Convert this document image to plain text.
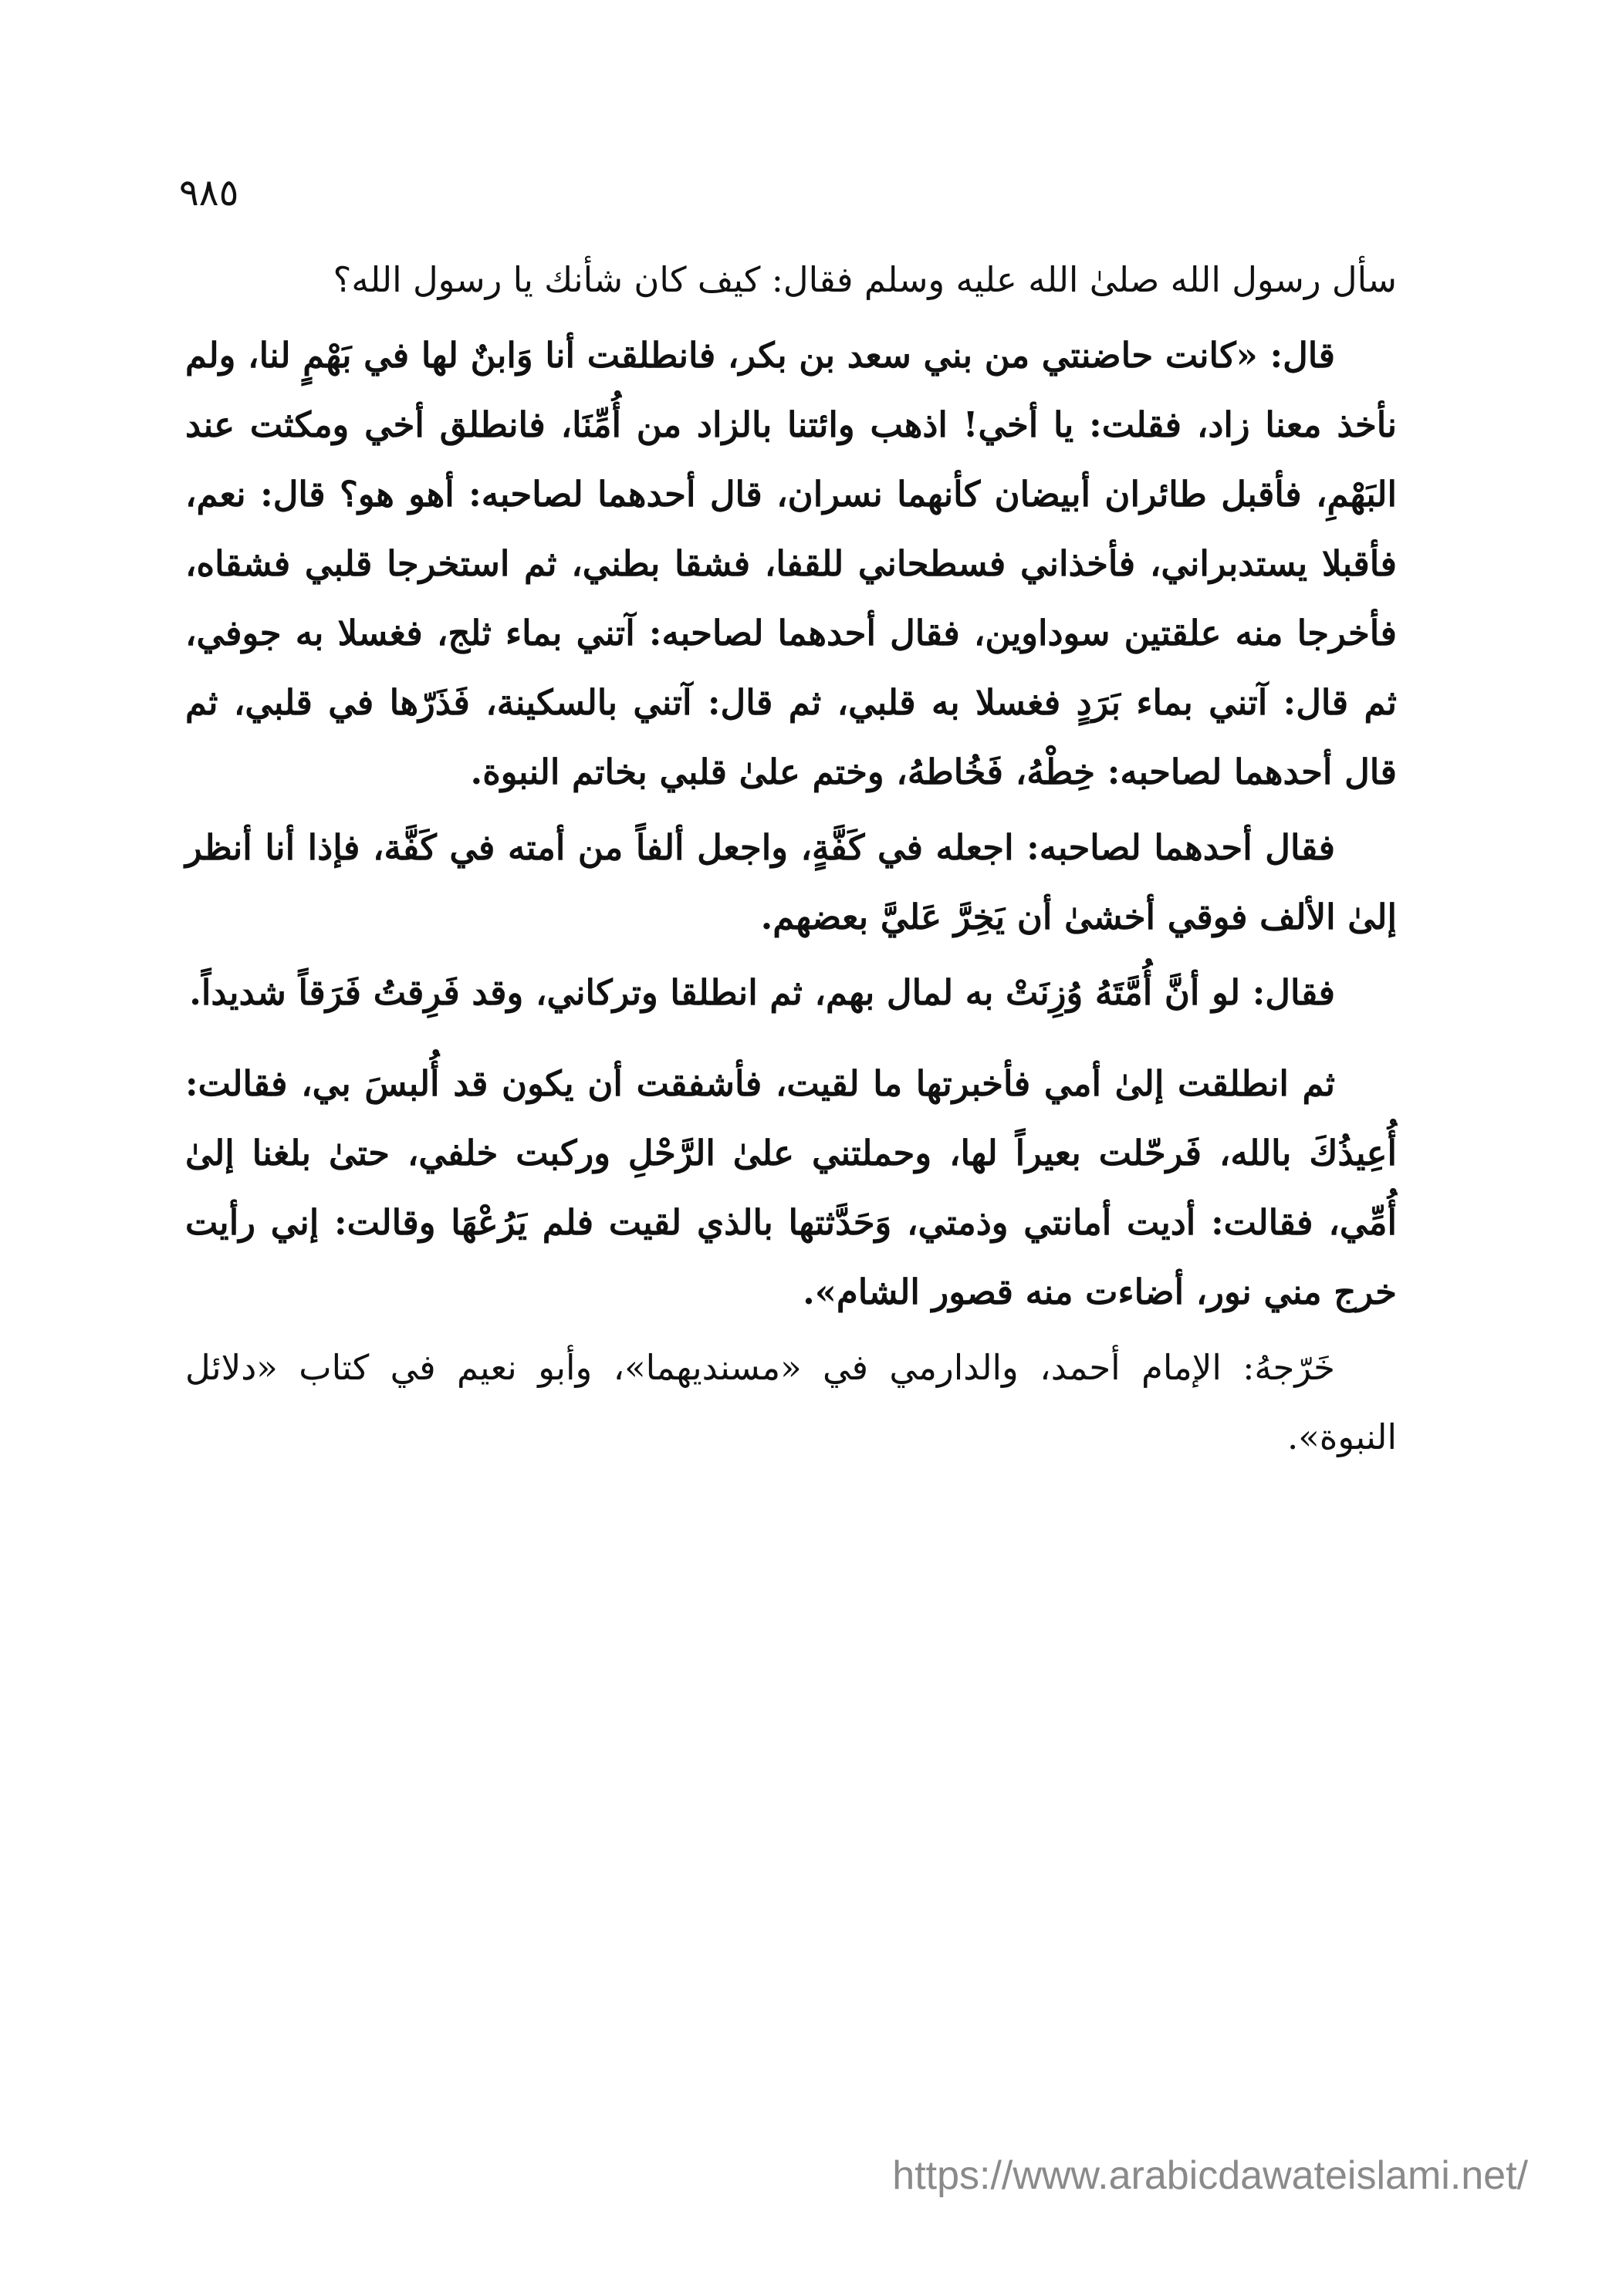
٩٨٥

سأل رسول الله صلىٰ الله عليه وسلم فقال: كيف كان شأنك يا رسول الله؟

قال: «كانت حاضنتي من بني سعد بن بكر، فانطلقت أنا وَابنٌ لها في بَهْمٍ لنا، ولم نأخذ معنا زاد، فقلت: يا أخي! اذهب وائتنا بالزاد من أُمِّنَا، فانطلق أخي ومكثت عند البَهْمِ، فأقبل طائران أبيضان كأنهما نسران، قال أحدهما لصاحبه: أهو هو؟ قال: نعم، فأقبلا يستدبراني، فأخذاني فسطحاني للقفا، فشقا بطني، ثم استخرجا قلبي فشقاه، فأخرجا منه علقتين سوداوين، فقال أحدهما لصاحبه: آتني بماء ثلج، فغسلا به جوفي، ثم قال: آتني بماء بَرَدٍ فغسلا به قلبي، ثم قال: آتني بالسكينة، فَذَرّها في قلبي، ثم قال أحدهما لصاحبه: خِطْهُ، فَخُاطهُ، وختم علىٰ قلبي بخاتم النبوة.

فقال أحدهما لصاحبه: اجعله في كَفَّةٍ، واجعل ألفاً من أمته في كَفَّة، فإذا أنا أنظر إلىٰ الألف فوقي أخشىٰ أن يَخِرَّ عَليَّ بعضهم.

فقال: لو أنَّ أُمَّتَهُ وُزِنَتْ به لمال بهم، ثم انطلقا وتركاني، وقد فَرِقتُ فَرَقاً شديداً.

ثم انطلقت إلىٰ أمي فأخبرتها ما لقيت، فأشفقت أن يكون قد أُلبسَ بي، فقالت: أُعِيذُكَ بالله، فَرحّلت بعيراً لها، وحملتني علىٰ الرَّحْلِ وركبت خلفي، حتىٰ بلغنا إلىٰ أُمِّي، فقالت: أديت أمانتي وذمتي، وَحَدَّثتها بالذي لقيت فلم يَرُعْهَا وقالت: إني رأيت خرج مني نور، أضاءت منه قصور الشام».

خَرّجهُ: الإمام أحمد، والدارمي في «مسنديهما»، وأبو نعيم في كتاب «دلائل النبوة».

https://www.arabicdawateislami.net/
